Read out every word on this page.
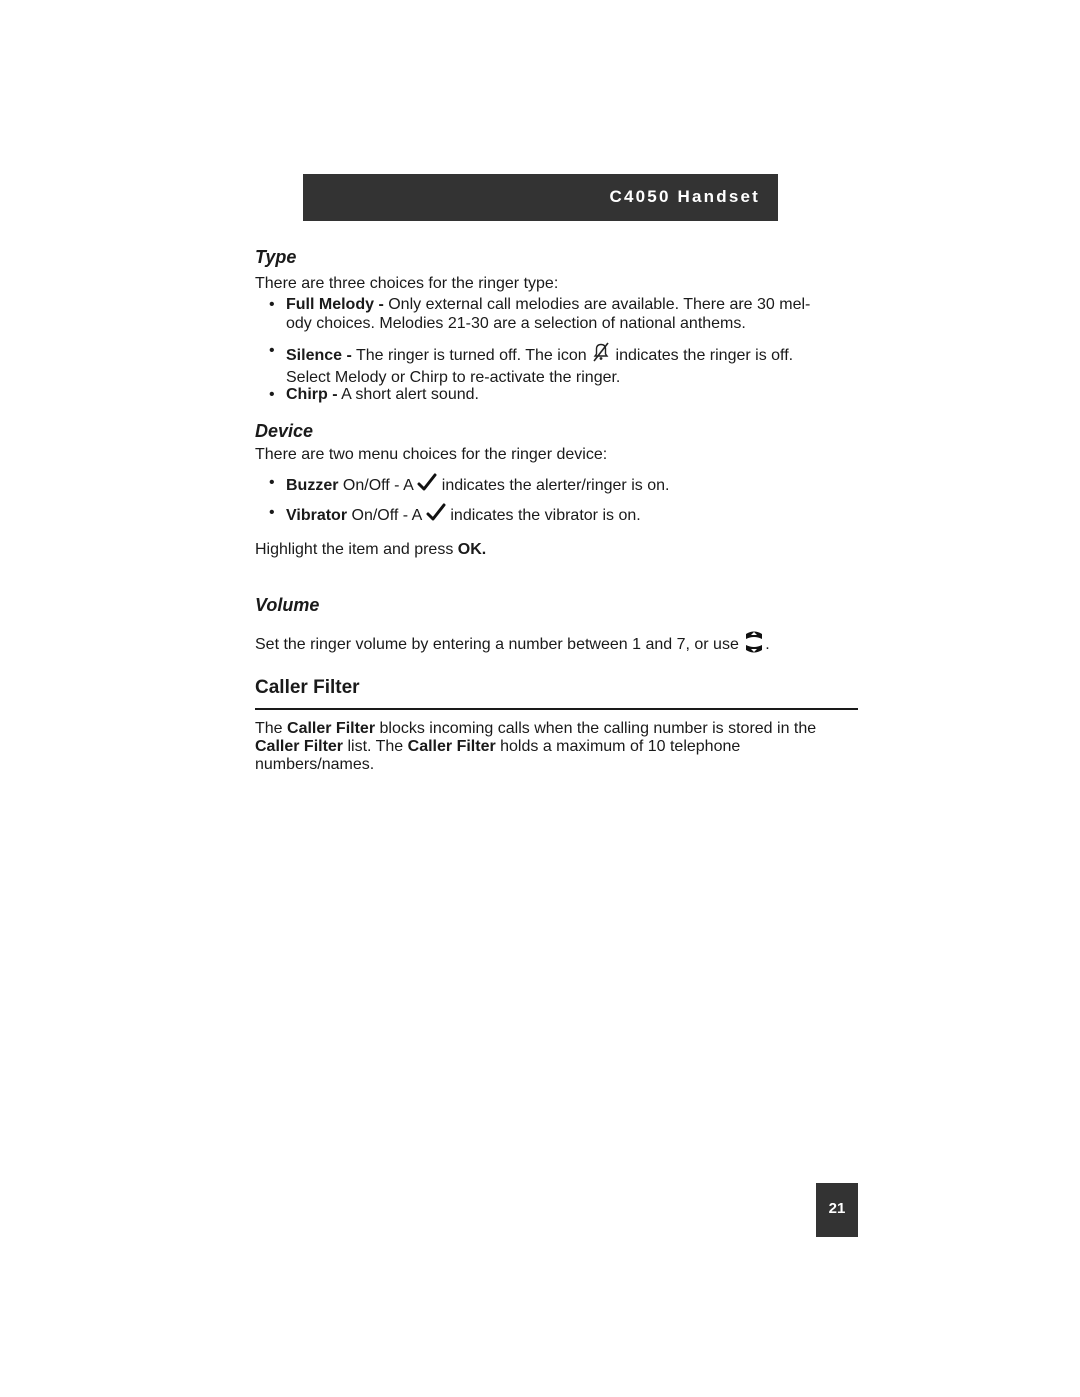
C4050 Handset
Type

There are three choices for the ringer type:

• Full Melody - Only external call melodies are available. There are 30 mel-
ody choices. Melodies 21-30 are a selection of national anthems.
• Silence - The ringer is turned off. The icon  indicates the ringer is off.
Select Melody or Chirp to re-activate the ringer.
• Chirp - A short alert sound.
Device

There are two menu choices for the ringer device:

• Buzzer On/Off - A  indicates the alerter/ringer is on.
• Vibrator On/Off - A  indicates the vibrator is on.

Highlight the item and press OK.

Volume

Set the ringer volume by entering a number between 1 and 7, or use .

Caller Filter

The Caller Filter blocks incoming calls when the calling number is stored in the Caller Filter list. The Caller Filter holds a maximum of 10 telephone numbers/names.

21
